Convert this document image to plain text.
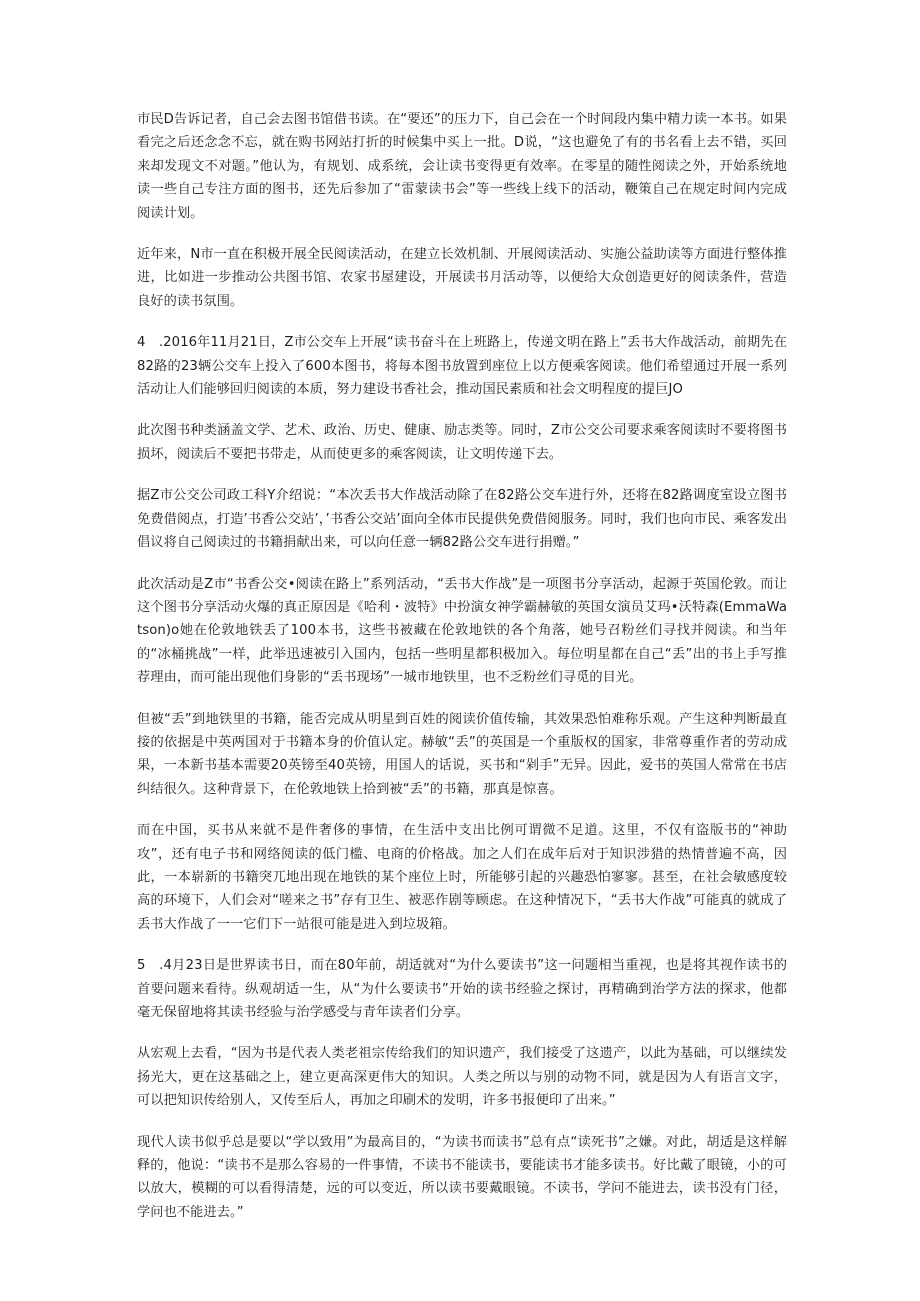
市民D告诉记者，自己会去图书馆借书读。在“要还”的压力下，自己会在一个时间段内集中精力读一本书。如果看完之后还念念不忘，就在购书网站打折的时候集中买上一批。D说，“这也避免了有的书名看上去不错，买回来却发现文不对题。”他认为，有规划、成系统，会让读书变得更有效率。在零星的随性阅读之外，开始系统地读一些自己专注方面的图书，还先后参加了“雷蒙读书会”等一些线上线下的活动，鞭策自己在规定时间内完成阅读计划。

近年来，N市一直在积极开展全民阅读活动，在建立长效机制、开展阅读活动、实施公益助读等方面进行整体推进，比如进一步推动公共图书馆、农家书屋建设，开展读书月活动等，以便给大众创造更好的阅读条件，营造良好的读书氛围。

4　.2016年11月21日，Z市公交车上开展“读书奋斗在上班路上，传递文明在路上”丢书大作战活动，前期先在82路的23辆公交车上投入了600本图书，将每本图书放置到座位上以方便乘客阅读。他们希望通过开展一系列活动让人们能够回归阅读的本质，努力建设书香社会，推动国民素质和社会文明程度的提巨JO

此次图书种类涵盖文学、艺术、政治、历史、健康、励志类等。同时，Z市公交公司要求乘客阅读时不要将图书损坏，阅读后不要把书带走，从而使更多的乘客阅读，让文明传递下去。

据Z市公交公司政工科Y介绍说：“本次丢书大作战活动除了在82路公交车进行外，还将在82路调度室设立图书免费借阅点，打造’书香公交站’，’书香公交站’面向全体市民提供免费借阅服务。同时，我们也向市民、乘客发出倡议将自己阅读过的书籍捐献出来，可以向任意一辆82路公交车进行捐赠。”

此次活动是Z市“书香公交•阅读在路上”系列活动，“丢书大作战”是一项图书分享活动，起源于英国伦敦。而让这个图书分享活动火爆的真正原因是《哈利・波特》中扮演女神学霸赫敏的英国女演员艾玛•沃特森(EmmaWatson)o她在伦敦地铁丢了100本书，这些书被藏在伦敦地铁的各个角落，她号召粉丝们寻找并阅读。和当年的“冰桶挑战”一样，此举迅速被引入国内，包括一些明星都积极加入。每位明星都在自己“丢”出的书上手写推荐理由，而可能出现他们身影的“丢书现场”一城市地铁里，也不乏粉丝们寻觅的目光。

但被“丢”到地铁里的书籍，能否完成从明星到百姓的阅读价值传输，其效果恐怕难称乐观。产生这种判断最直接的依据是中英两国对于书籍本身的价值认定。赫敏“丢”的英国是一个重版权的国家，非常尊重作者的劳动成果，一本新书基本需要20英镑至40英镑，用国人的话说，买书和“剁手”无异。因此，爱书的英国人常常在书店纠结很久。这种背景下，在伦敦地铁上拾到被“丢”的书籍，那真是惊喜。

而在中国，买书从来就不是件奢侈的事情，在生活中支出比例可谓微不足道。这里，不仅有盗版书的“神助攻”，还有电子书和网络阅读的低门槛、电商的价格战。加之人们在成年后对于知识涉猎的热情普遍不高，因此，一本崭新的书籍突兀地出现在地铁的某个座位上时，所能够引起的兴趣恐怕寥寥。甚至，在社会敏感度较高的环境下，人们会对“嗟来之书”存有卫生、被恶作剧等顾虑。在这种情况下，“丢书大作战”可能真的就成了丢书大作战了一一它们下一站很可能是进入到垃圾箱。

5　.4月23日是世界读书日，而在80年前，胡适就对“为什么要读书”这一问题相当重视，也是将其视作读书的首要问题来看待。纵观胡适一生，从“为什么要读书”开始的读书经验之探讨，再精确到治学方法的探求，他都毫无保留地将其读书经验与治学感受与青年读者们分享。

从宏观上去看，“因为书是代表人类老祖宗传给我们的知识遗产，我们接受了这遗产，以此为基础，可以继续发扬光大，更在这基础之上，建立更高深更伟大的知识。人类之所以与别的动物不同，就是因为人有语言文字，可以把知识传给别人，又传至后人，再加之印刷术的发明，许多书报便印了出来。”

现代人读书似乎总是要以“学以致用”为最高目的，“为读书而读书”总有点“读死书”之嫌。对此，胡适是这样解释的，他说：“读书不是那么容易的一件事情，不读书不能读书，要能读书才能多读书。好比戴了眼镜，小的可以放大，模糊的可以看得清楚，远的可以变近，所以读书要戴眼镜。不读书，学问不能进去，读书没有门径，学问也不能进去。”
